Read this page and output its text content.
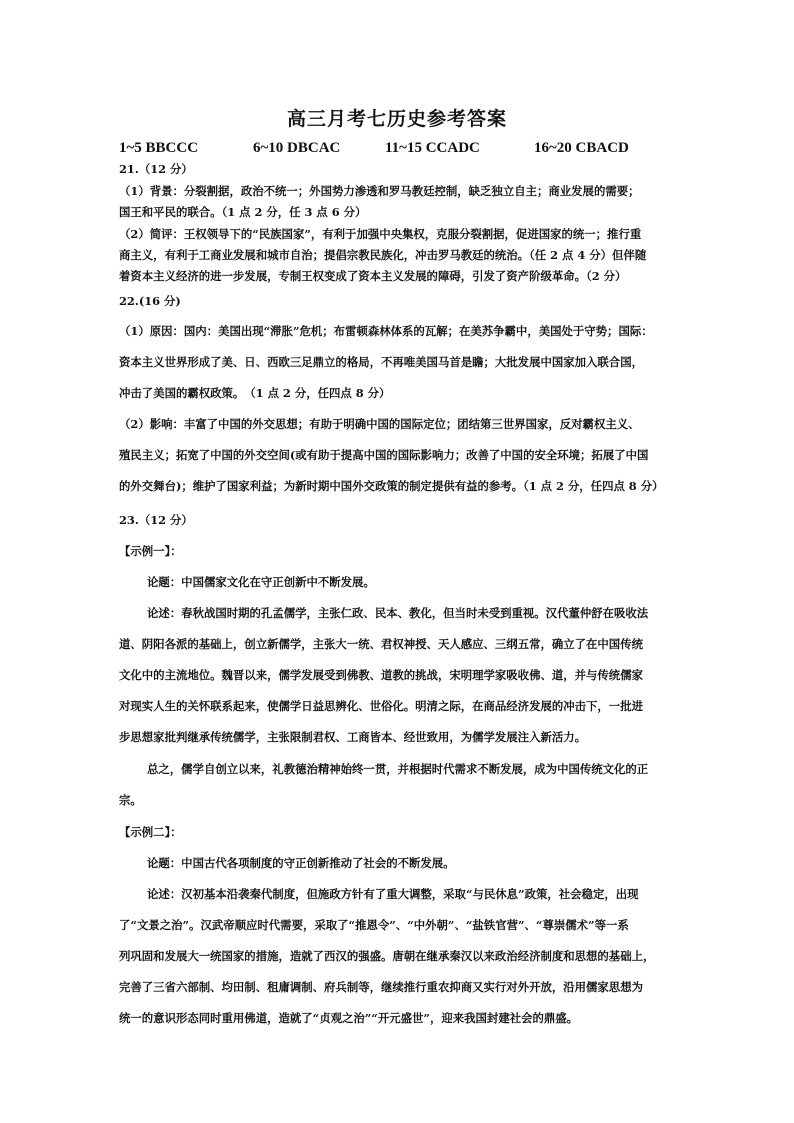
高三月考七历史参考答案
1~5 BBCCC	6~10 DBCAC	11~15 CCADC	16~20 CBACD
21.（12 分）
（1）背景：分裂割据，政治不统一；外国势力渗透和罗马教廷控制，缺乏独立自主；商业发展的需要；
国王和平民的联合。（1 点 2 分，任 3 点 6 分）
（2）简评：王权领导下的“民族国家”，有利于加强中央集权，克服分裂割据，促进国家的统一；推行重
商主义，有利于工商业发展和城市自治；提倡宗教民族化，冲击罗马教廷的统治。（任 2 点 4 分）但伴随
着资本主义经济的进一步发展，专制王权变成了资本主义发展的障碍，引发了资产阶级革命。（2 分）
22.(16 分)
（1）原因：国内：美国出现“滞胀”危机；布雷顿森林体系的瓦解；在美苏争霸中，美国处于守势；国际：
资本主义世界形成了美、日、西欧三足鼎立的格局，不再唯美国马首是瞻；大批发展中国家加入联合国，
冲击了美国的霸权政策。　（1 点 2 分，任四点 8 分）
（2）影响：丰富了中国的外交思想；有助于明确中国的国际定位；团结第三世界国家，反对霸权主义、
殖民主义；拓宽了中国的外交空间(或有助于提高中国的国际影响力；改善了中国的安全环境；拓展了中国
的外交舞台)；维护了国家利益；为新时期中国外交政策的制定提供有益的参考。（1 点 2 分，任四点 8 分）
23.（12 分）
【示例一】：
论题：中国儒家文化在守正创新中不断发展。
论述：春秋战国时期的孔孟儒学，主张仁政、民本、教化，但当时未受到重视。汉代董仲舒在吸收法
道、阴阳各派的基础上，创立新儒学，主张大一统、君权神授、天人感应、三纲五常，确立了在中国传统
文化中的主流地位。魏晋以来，儒学发展受到佛教、道教的挑战，宋明理学家吸收佛、道，并与传统儒家
对现实人生的关怀联系起来，使儒学日益思辨化、世俗化。明清之际，在商品经济发展的冲击下，一批进
步思想家批判继承传统儒学，主张限制君权、工商皆本、经世致用，为儒学发展注入新活力。
总之，儒学自创立以来，礼教德治精神始终一贯，并根据时代需求不断发展，成为中国传统文化的正
宗。
【示例二】：
论题：中国古代各项制度的守正创新推动了社会的不断发展。
论述：汉初基本沿袭秦代制度，但施政方针有了重大调整，采取“与民休息”政策，社会稳定，出现
了“文景之治”。汉武帝顺应时代需要，采取了“推恩令”、“中外朝”、“盐铁官营”、“尊崇儒术”等一系
列巩固和发展大一统国家的措施，造就了西汉的强盛。唐朝在继承秦汉以来政治经济制度和思想的基础上，
完善了三省六部制、均田制、租庸调制、府兵制等，继续推行重农抑商又实行对外开放，沿用儒家思想为
统一的意识形态同时重用佛道，造就了“贞观之治”“开元盛世”，迎来我国封建社会的鼎盛。
